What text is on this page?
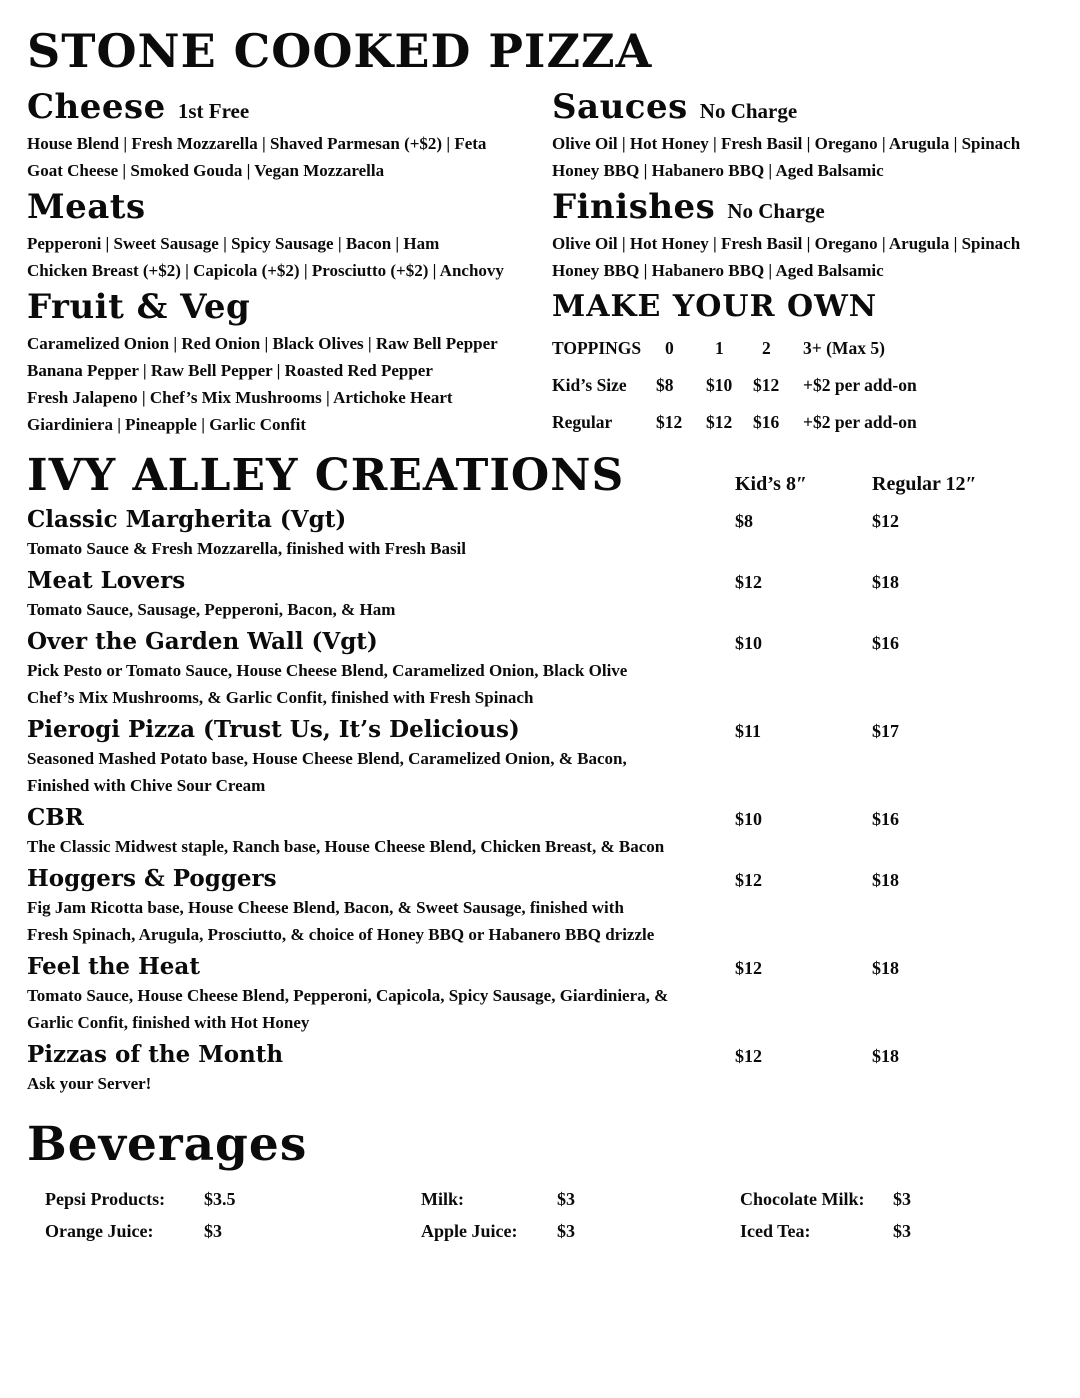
STONE COOKED PIZZA
Cheese 1st Free
House Blend | Fresh Mozzarella | Shaved Parmesan (+$2) | Feta
Goat Cheese | Smoked Gouda | Vegan Mozzarella
Meats
Pepperoni | Sweet Sausage | Spicy Sausage | Bacon | Ham
Chicken Breast (+$2) | Capicola (+$2) | Prosciutto (+$2) | Anchovy
Fruit & Veg
Caramelized Onion | Red Onion | Black Olives | Raw Bell Pepper
Banana Pepper | Raw Bell Pepper | Roasted Red Pepper
Fresh Jalapeno | Chef’s Mix Mushrooms | Artichoke Heart
Giardiniera | Pineapple | Garlic Confit
Sauces No Charge
Olive Oil | Hot Honey | Fresh Basil | Oregano | Arugula | Spinach
Honey BBQ | Habanero BBQ | Aged Balsamic
Finishes No Charge
Olive Oil | Hot Honey | Fresh Basil | Oregano | Arugula | Spinach
Honey BBQ | Habanero BBQ | Aged Balsamic
MAKE YOUR OWN
TOPPINGS	0	1	2	3+ (Max 5)
Kid’s Size	$8	$10	$12	+$2 per add-on
Regular	$12	$12	$16	+$2 per add-on
IVY ALLEY CREATIONS	Kid’s 8″	Regular 12″
Classic Margherita (Vgt)	$8	$12
Tomato Sauce & Fresh Mozzarella, finished with Fresh Basil
Meat Lovers	$12	$18
Tomato Sauce, Sausage, Pepperoni, Bacon, & Ham
Over the Garden Wall (Vgt)	$10	$16
Pick Pesto or Tomato Sauce, House Cheese Blend, Caramelized Onion, Black Olive
Chef’s Mix Mushrooms, & Garlic Confit, finished with Fresh Spinach
Pierogi Pizza (Trust Us, It’s Delicious)	$11	$17
Seasoned Mashed Potato base, House Cheese Blend, Caramelized Onion, & Bacon,
Finished with Chive Sour Cream
CBR	$10	$16
The Classic Midwest staple, Ranch base, House Cheese Blend, Chicken Breast, & Bacon
Hoggers & Poggers	$12	$18
Fig Jam Ricotta base, House Cheese Blend, Bacon, & Sweet Sausage, finished with
Fresh Spinach, Arugula, Prosciutto, & choice of Honey BBQ or Habanero BBQ drizzle
Feel the Heat	$12	$18
Tomato Sauce, House Cheese Blend, Pepperoni, Capicola, Spicy Sausage, Giardiniera, &
Garlic Confit, finished with Hot Honey
Pizzas of the Month	$12	$18
Ask your Server!
Beverages
Pepsi Products:	$3.5	Milk:	$3	Chocolate Milk:	$3
Orange Juice:	$3	Apple Juice:	$3	Iced Tea:	$3
